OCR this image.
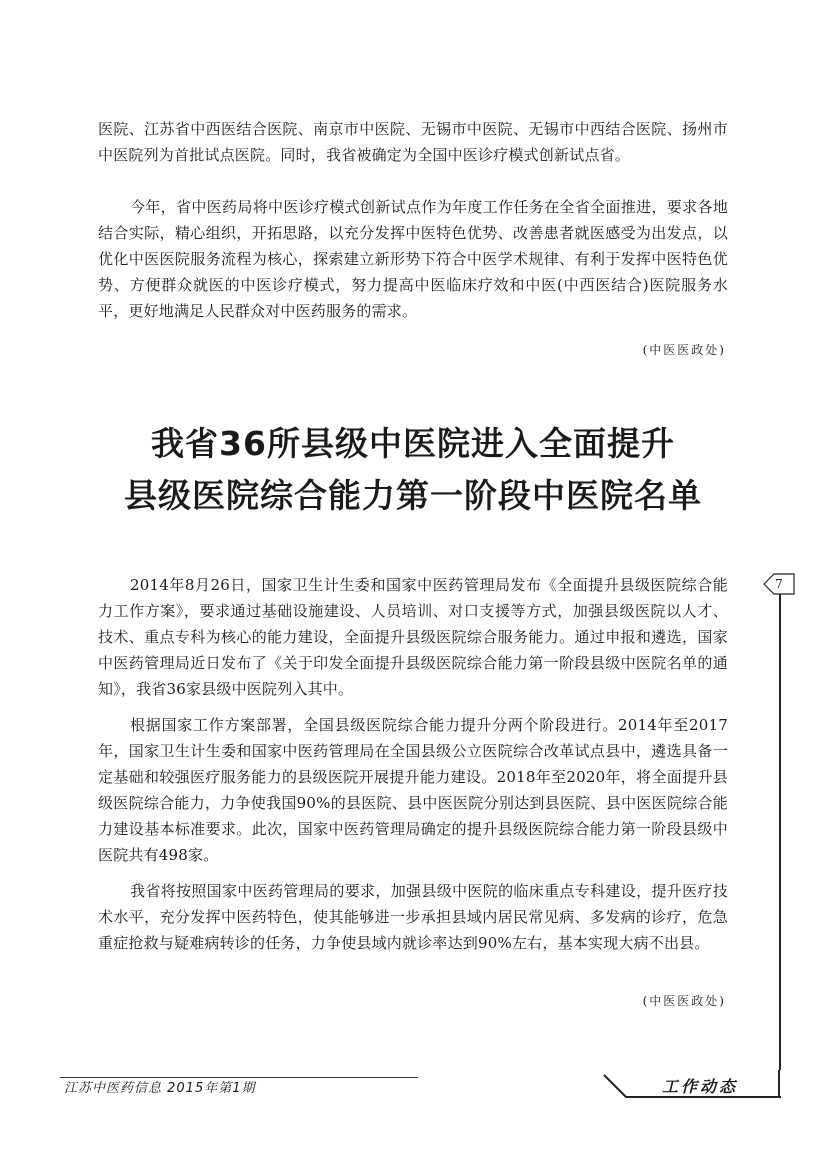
医院、江苏省中西医结合医院、南京市中医院、无锡市中医院、无锡市中西结合医院、扬州市中医院列为首批试点医院。同时，我省被确定为全国中医诊疗模式创新试点省。

今年，省中医药局将中医诊疗模式创新试点作为年度工作任务在全省全面推进，要求各地结合实际，精心组织，开拓思路，以充分发挥中医特色优势、改善患者就医感受为出发点，以优化中医医院服务流程为核心，探索建立新形势下符合中医学术规律、有利于发挥中医特色优势、方便群众就医的中医诊疗模式，努力提高中医临床疗效和中医(中西医结合)医院服务水平，更好地满足人民群众对中医药服务的需求。

(中医医政处)

我省36所县级中医院进入全面提升
县级医院综合能力第一阶段中医院名单

2014年8月26日，国家卫生计生委和国家中医药管理局发布《全面提升县级医院综合能力工作方案》，要求通过基础设施建设、人员培训、对口支援等方式，加强县级医院以人才、技术、重点专科为核心的能力建设，全面提升县级医院综合服务能力。通过申报和遴选，国家中医药管理局近日发布了《关于印发全面提升县级医院综合能力第一阶段县级中医院名单的通知》，我省36家县级中医院列入其中。

根据国家工作方案部署，全国县级医院综合能力提升分两个阶段进行。2014年至2017年，国家卫生计生委和国家中医药管理局在全国县级公立医院综合改革试点县中，遴选具备一定基础和较强医疗服务能力的县级医院开展提升能力建设。2018年至2020年，将全面提升县级医院综合能力，力争使我国90%的县医院、县中医医院分别达到县医院、县中医医院综合能力建设基本标准要求。此次，国家中医药管理局确定的提升县级医院综合能力第一阶段县级中医院共有498家。

我省将按照国家中医药管理局的要求，加强县级中医院的临床重点专科建设，提升医疗技术水平，充分发挥中医药特色，使其能够进一步承担县域内居民常见病、多发病的诊疗，危急重症抢救与疑难病转诊的任务，力争使县域内就诊率达到90%左右，基本实现大病不出县。

(中医医政处)

7

江苏中医药信息 2015年第1期	工作动态
